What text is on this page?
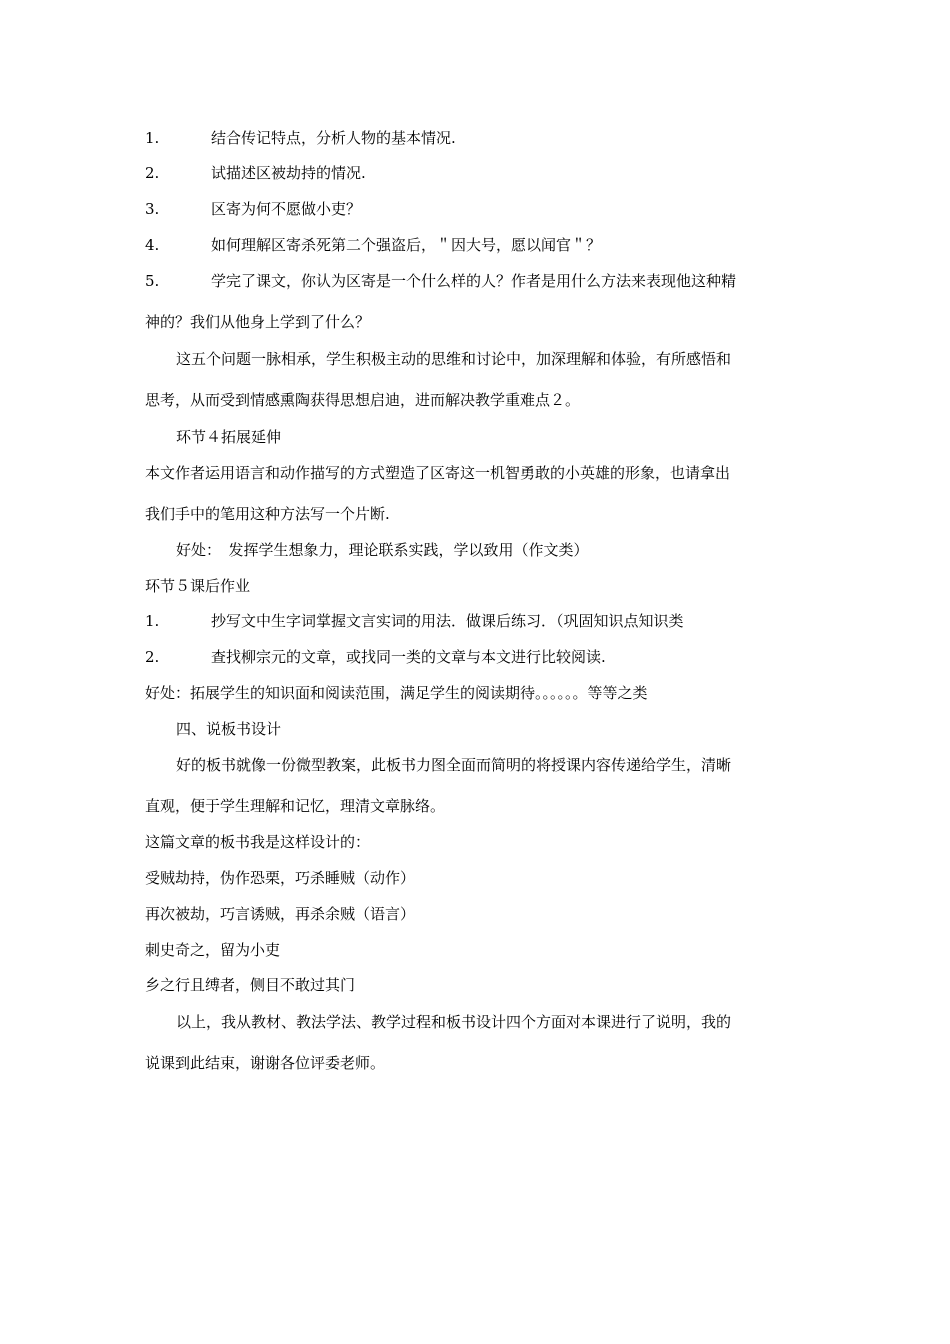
1.	结合传记特点，分析人物的基本情况.
2.	试描述区被劫持的情况.
3.	区寄为何不愿做小吏？
4.	如何理解区寄杀死第二个强盗后，＂因大号，愿以闻官＂？
5.	学完了课文，你认为区寄是一个什么样的人？作者是用什么方法来表现他这种精
神的？我们从他身上学到了什么？
这五个问题一脉相承，学生积极主动的思维和讨论中，加深理解和体验，有所感悟和
思考，从而受到情感熏陶获得思想启迪，进而解决教学重难点２。
环节４拓展延伸
本文作者运用语言和动作描写的方式塑造了区寄这一机智勇敢的小英雄的形象，也请拿出
我们手中的笔用这种方法写一个片断.
好处：　发挥学生想象力，理论联系实践，学以致用（作文类）
环节５课后作业
1.	抄写文中生字词掌握文言实词的用法．做课后练习．（巩固知识点知识类
2.	查找柳宗元的文章，或找同一类的文章与本文进行比较阅读.
好处：拓展学生的知识面和阅读范围，满足学生的阅读期待。。。。。。等等之类
四、说板书设计
好的板书就像一份微型教案，此板书力图全面而简明的将授课内容传递给学生，清晰
直观，便于学生理解和记忆，理清文章脉络。
这篇文章的板书我是这样设计的：
受贼劫持，伪作恐栗，巧杀睡贼（动作）
再次被劫，巧言诱贼，再杀余贼（语言）
刺史奇之，留为小吏
乡之行且缚者，侧目不敢过其门
以上，我从教材、教法学法、教学过程和板书设计四个方面对本课进行了说明，我的
说课到此结束，谢谢各位评委老师。
